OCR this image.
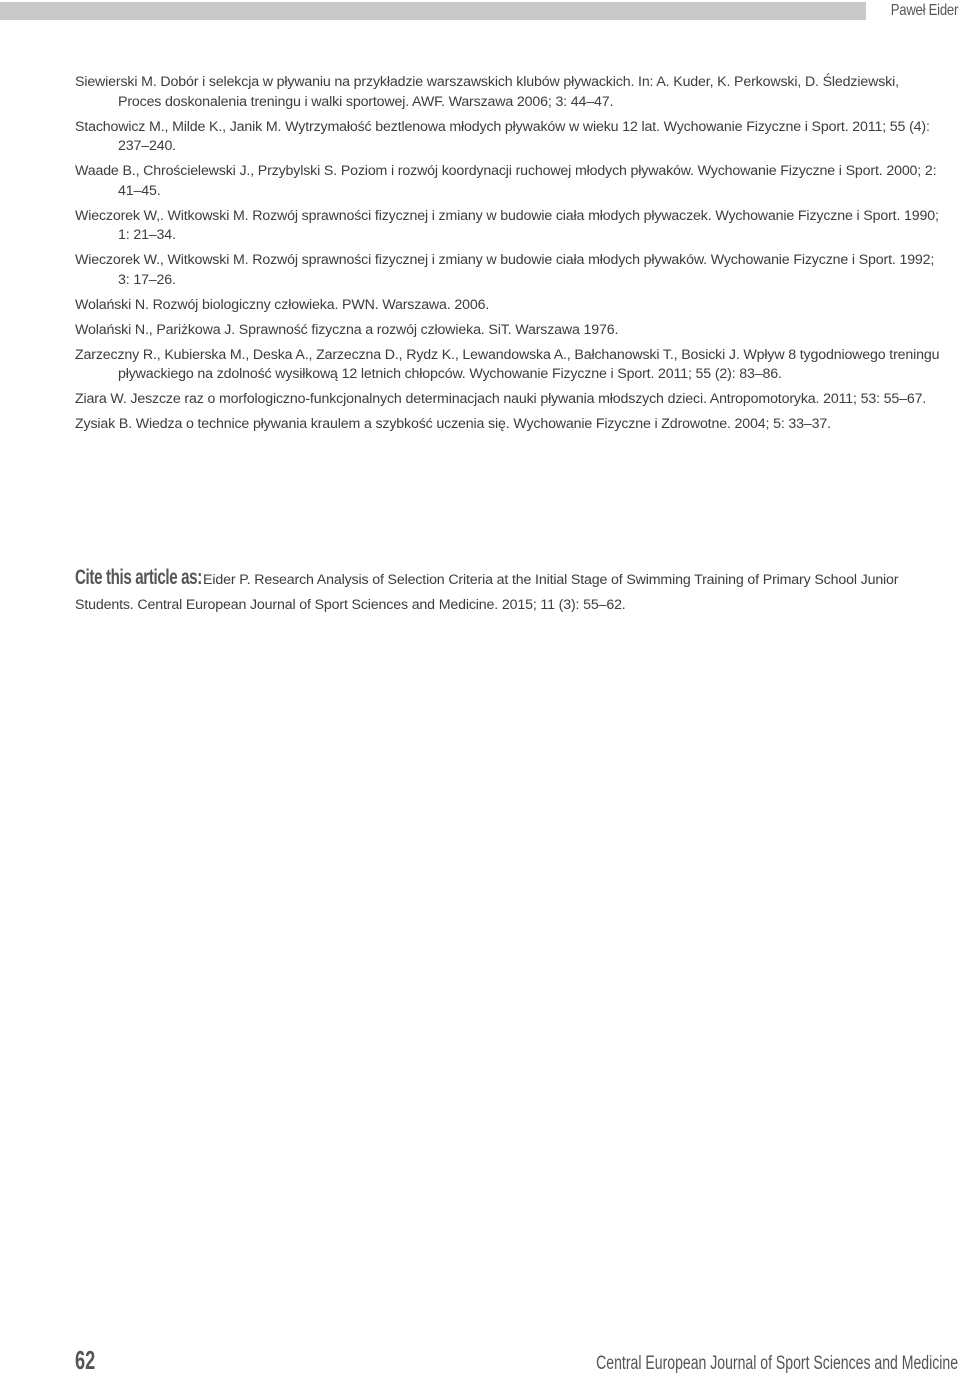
Paweł Eider
Siewierski M. Dobór i selekcja w pływaniu na przykładzie warszawskich klubów pływackich. In: A. Kuder, K. Perkowski, D. Śledziewski, Proces doskonalenia treningu i walki sportowej. AWF. Warszawa 2006; 3: 44–47.
Stachowicz M., Milde K., Janik M. Wytrzymałość beztlenowa młodych pływaków w wieku 12 lat. Wychowanie Fizyczne i Sport. 2011; 55 (4): 237–240.
Waade B., Chrościelewski J., Przybylski S. Poziom i rozwój koordynacji ruchowej młodych pływaków. Wychowanie Fizyczne i Sport. 2000; 2: 41–45.
Wieczorek W,. Witkowski M. Rozwój sprawności fizycznej i zmiany w budowie ciała młodych pływaczek. Wychowanie Fizyczne i Sport. 1990; 1: 21–34.
Wieczorek W., Witkowski M. Rozwój sprawności fizycznej i zmiany w budowie ciała młodych pływaków. Wychowanie Fizyczne i Sport. 1992; 3: 17–26.
Wolański N. Rozwój biologiczny człowieka. PWN. Warszawa. 2006.
Wolański N., Pariżkowa J. Sprawność fizyczna a rozwój człowieka. SiT. Warszawa 1976.
Zarzeczny R., Kubierska M., Deska A., Zarzeczna D., Rydz K., Lewandowska A., Bałchanowski T., Bosicki J. Wpływ 8 tygodniowego treningu pływackiego na zdolność wysiłkową 12 letnich chłopców. Wychowanie Fizyczne i Sport. 2011; 55 (2): 83–86.
Ziara W. Jeszcze raz o morfologiczno-funkcjonalnych determinacjach nauki pływania młodszych dzieci. Antropomotoryka. 2011; 53: 55–67.
Zysiak B. Wiedza o technice pływania kraulem a szybkość uczenia się. Wychowanie Fizyczne i Zdrowotne. 2004; 5: 33–37.
Cite this article as: Eider P. Research Analysis of Selection Criteria at the Initial Stage of Swimming Training of Primary School Junior Students. Central European Journal of Sport Sciences and Medicine. 2015; 11 (3): 55–62.
62	Central European Journal of Sport Sciences and Medicine
